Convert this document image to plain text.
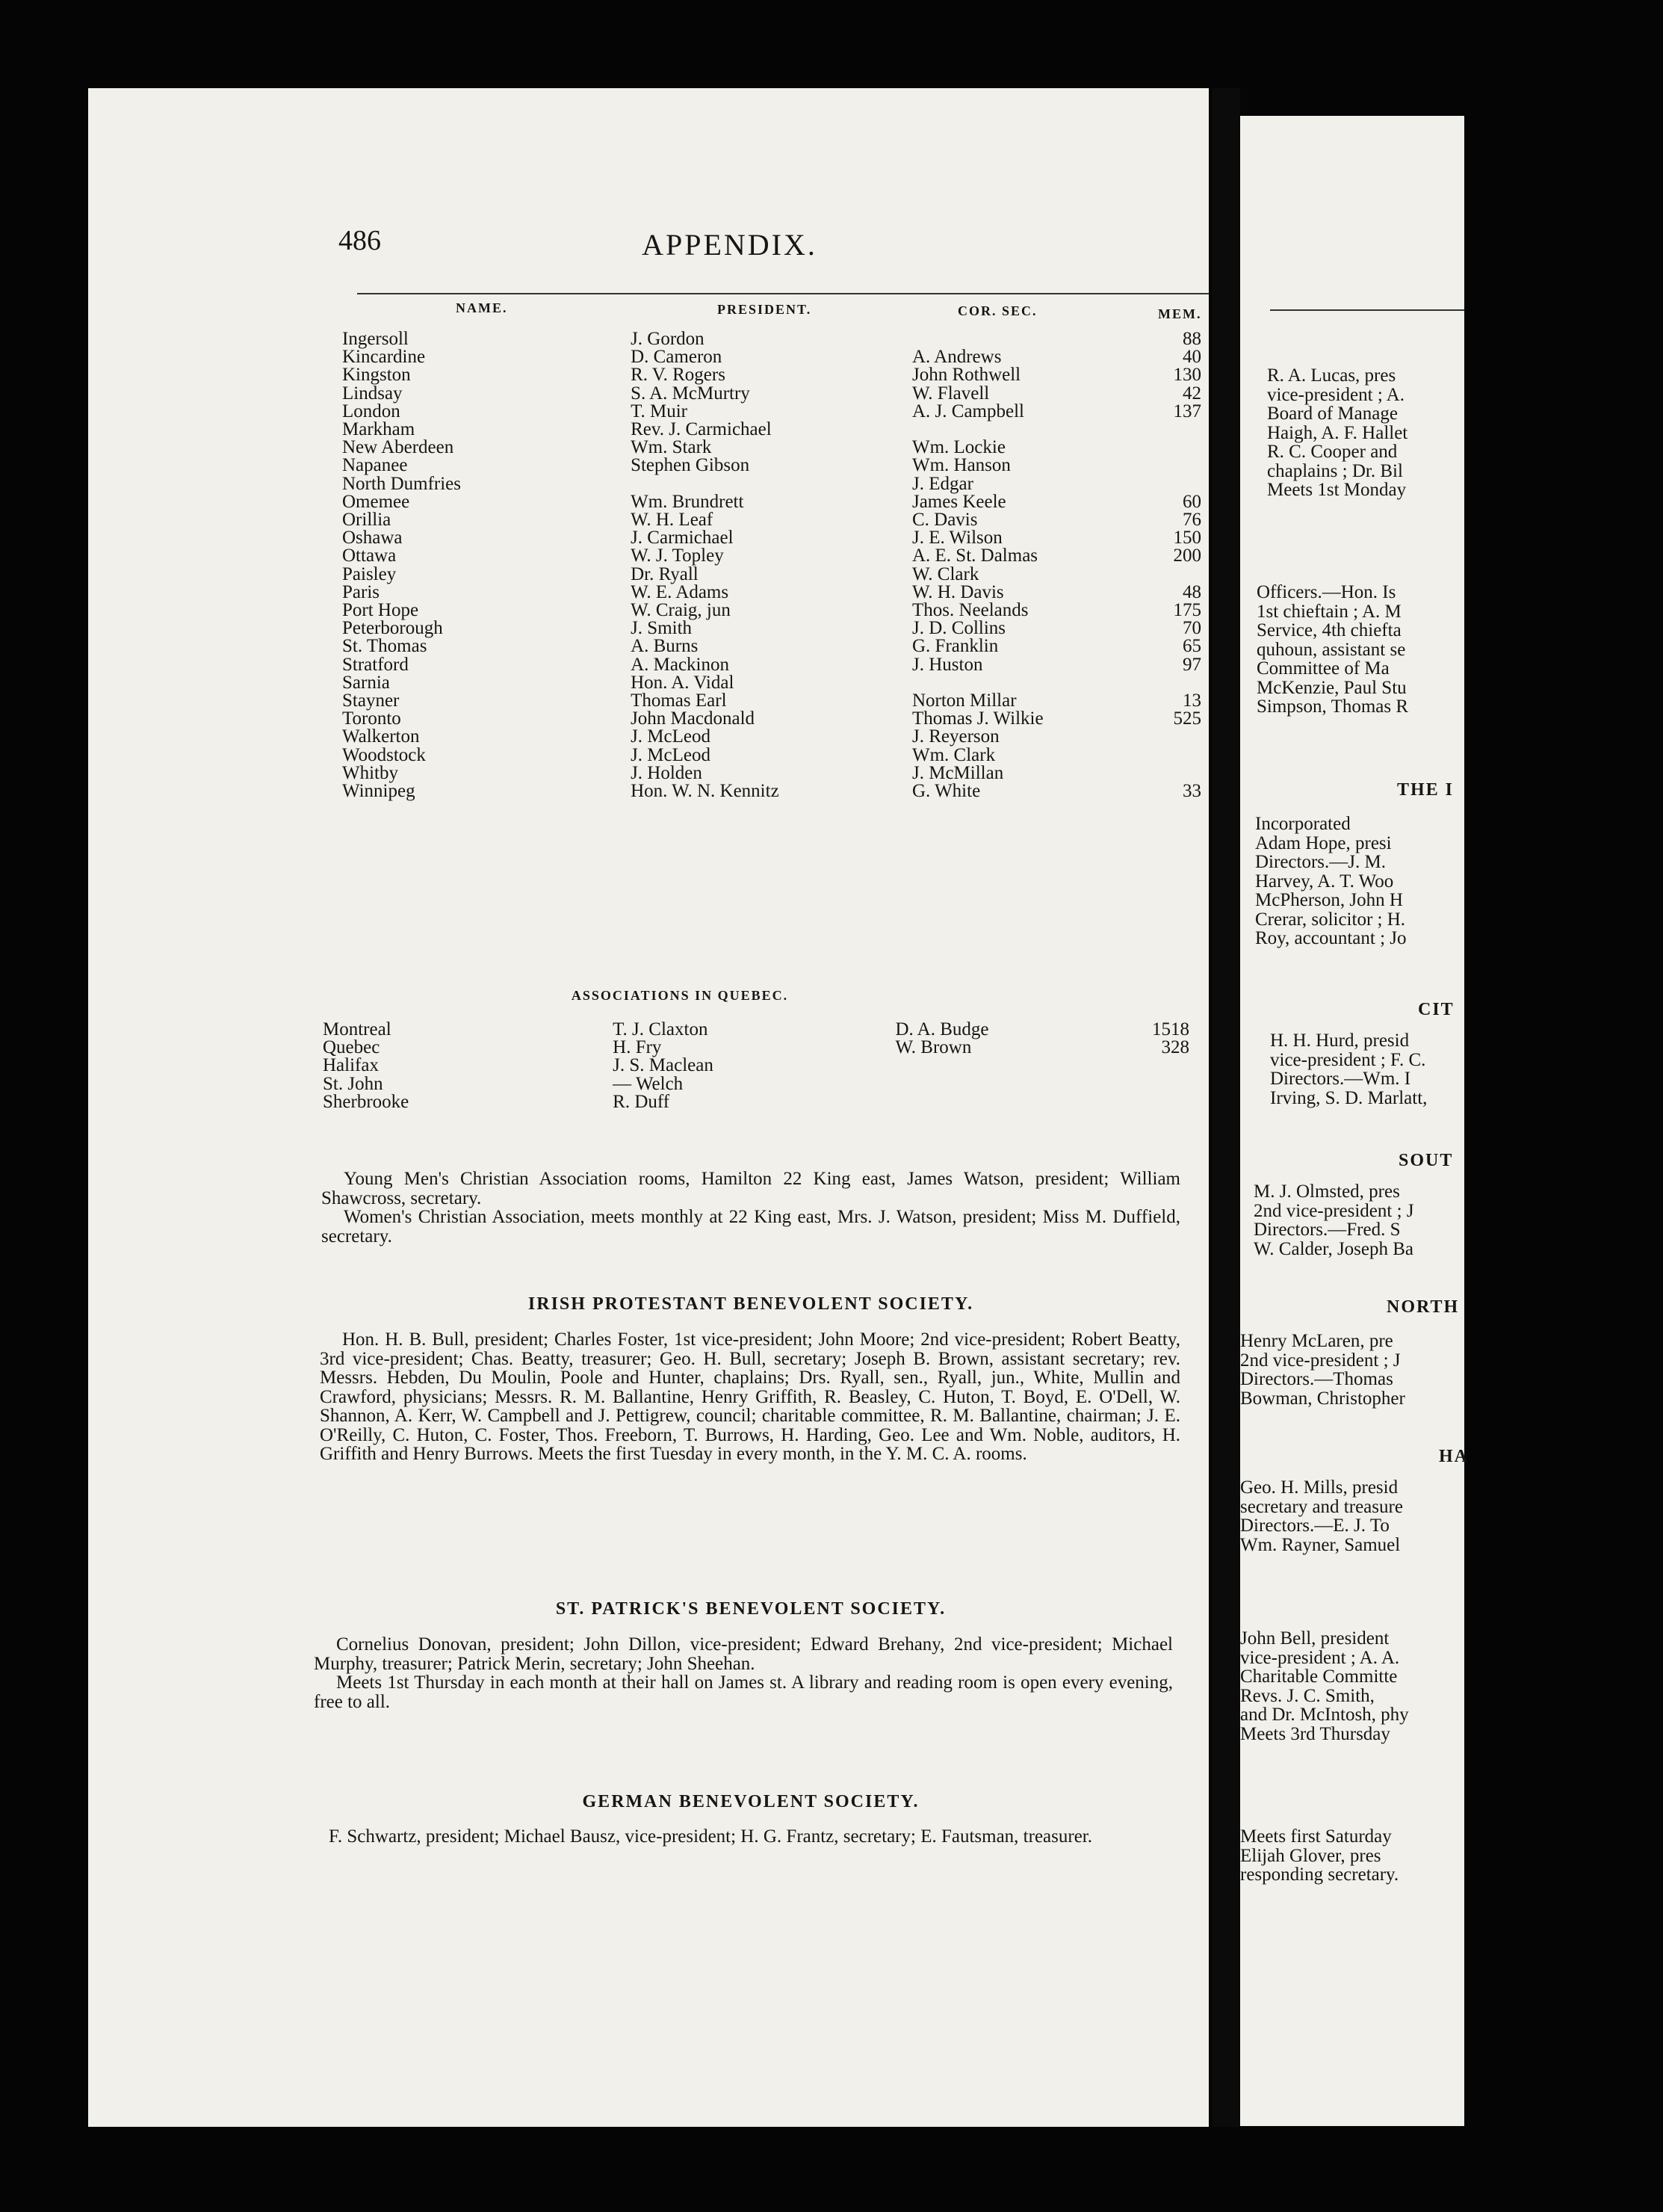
486	APPENDIX.
NAME.	PRESIDENT.	COR. SEC.	MEM.
Ingersoll	J. Gordon		88
Kincardine	D. Cameron	A. Andrews	40
Kingston	R. V. Rogers	John Rothwell	130
Lindsay	S. A. McMurtry	W. Flavell	42
London	T. Muir	A. J. Campbell	137
Markham	Rev. J. Carmichael		
New Aberdeen	Wm. Stark	Wm. Lockie	
Napanee	Stephen Gibson	Wm. Hanson	
North Dumfries		J. Edgar	
Omemee	Wm. Brundrett	James Keele	60
Orillia	W. H. Leaf	C. Davis	76
Oshawa	J. Carmichael	J. E. Wilson	150
Ottawa	W. J. Topley	A. E. St. Dalmas	200
Paisley	Dr. Ryall	W. Clark	
Paris	W. E. Adams	W. H. Davis	48
Port Hope	W. Craig, jun	Thos. Neelands	175
Peterborough	J. Smith	J. D. Collins	70
St. Thomas	A. Burns	G. Franklin	65
Stratford	A. Mackinon	J. Huston	97
Sarnia	Hon. A. Vidal		
Stayner	Thomas Earl	Norton Millar	13
Toronto	John Macdonald	Thomas J. Wilkie	525
Walkerton	J. McLeod	J. Reyerson	
Woodstock	J. McLeod	Wm. Clark	
Whitby	J. Holden	J. McMillan	
Winnipeg	Hon. W. N. Kennitz	G. White	33
ASSOCIATIONS IN QUEBEC.
Montreal	T. J. Claxton	D. A. Budge	1518
Quebec	H. Fry	W. Brown	328
Halifax	J. S. Maclean		
St. John	— Welch		
Sherbrooke	R. Duff		

Young Men's Christian Association rooms, Hamilton 22 King east, James Watson, president; William Shawcross, secretary.

Women's Christian Association, meets monthly at 22 King east, Mrs. J. Watson, president; Miss M. Duffield, secretary.

IRISH PROTESTANT BENEVOLENT SOCIETY.

Hon. H. B. Bull, president; Charles Foster, 1st vice-president; John Moore; 2nd vice-president; Robert Beatty, 3rd vice-president; Chas. Beatty, treasurer; Geo. H. Bull, secretary; Joseph B. Brown, assistant secretary; rev. Messrs. Hebden, Du Moulin, Poole and Hunter, chaplains; Drs. Ryall, sen., Ryall, jun., White, Mullin and Crawford, physicians; Messrs. R. M. Ballantine, Henry Griffith, R. Beasley, C. Huton, T. Boyd, E. O'Dell, W. Shannon, A. Kerr, W. Campbell and J. Pettigrew, council; charitable committee, R. M. Ballantine, chairman; J. E. O'Reilly, C. Huton, C. Foster, Thos. Freeborn, T. Burrows, H. Harding, Geo. Lee and Wm. Noble, auditors, H. Griffith and Henry Burrows. Meets the first Tuesday in every month, in the Y. M. C. A. rooms.

ST. PATRICK'S BENEVOLENT SOCIETY.

Cornelius Donovan, president; John Dillon, vice-president; Edward Brehany, 2nd vice-president; Michael Murphy, treasurer; Patrick Merin, secretary; John Sheehan.

Meets 1st Thursday in each month at their hall on James st. A library and reading room is open every evening, free to all.

GERMAN BENEVOLENT SOCIETY.

F. Schwartz, president; Michael Bausz, vice-president; H. G. Frantz, secretary; E. Fautsman, treasurer.

R. A. Lucas, pres
vice-president ; A.
Board of Manage
Haigh, A. F. Hallet
R. C. Cooper and
chaplains ; Dr. Bil
Meets 1st Monday
Officers.—Hon. Is
1st chieftain ; A. M
Service, 4th chiefta
quhoun, assistant se
Committee of Ma
McKenzie, Paul Stu
Simpson, Thomas R
THE I
Incorporated
Adam Hope, presi
Directors.—J. M.
Harvey, A. T. Woo
McPherson, John H
Crerar, solicitor ; H.
Roy, accountant ; Jo
CIT
H. H. Hurd, presid
vice-president ; F. C.
Directors.—Wm. I
Irving, S. D. Marlatt,
SOUT
M. J. Olmsted, pres
2nd vice-president ; J
Directors.—Fred. S
W. Calder, Joseph Ba
NORTH
Henry McLaren, pre
2nd vice-president ; J
Directors.—Thomas
Bowman, Christopher
HA
Geo. H. Mills, presid
secretary and treasure
Directors.—E. J. To
Wm. Rayner, Samuel
John Bell, president
vice-president ; A. A.
Charitable Committe
Revs. J. C. Smith,
and Dr. McIntosh, phy
Meets 3rd Thursday
Meets first Saturday
Elijah Glover, pres
responding secretary.
